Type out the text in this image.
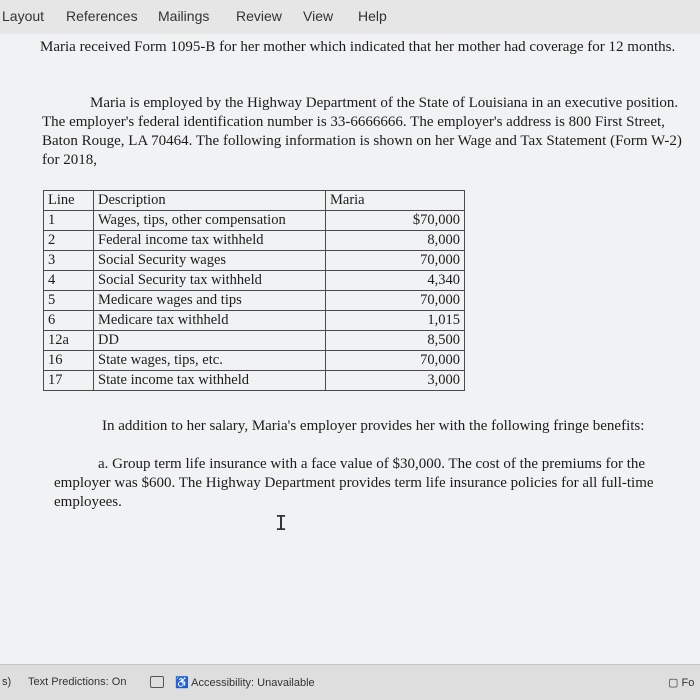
Layout References Mailings Review View Help

Maria received Form 1095-B for her mother which indicated that her mother had coverage for 12 months.

Maria is employed by the Highway Department of the State of Louisiana in an executive position. The employer's federal identification number is 33-6666666. The employer's address is 800 First Street, Baton Rouge, LA 70464. The following information is shown on her Wage and Tax Statement (Form W-2) for 2018,

Line	Description	Maria
1	Wages, tips, other compensation	$70,000
2	Federal income tax withheld	8,000
3	Social Security wages	70,000
4	Social Security tax withheld	4,340
5	Medicare wages and tips	70,000
6	Medicare tax withheld	1,015
12a	DD	8,500
16	State wages, tips, etc.	70,000
17	State income tax withheld	3,000

In addition to her salary, Maria's employer provides her with the following fringe benefits:

a. Group term life insurance with a face value of $30,000. The cost of the premiums for the employer was $600. The Highway Department provides term life insurance policies for all full-time employees.

I
s) Text Predictions: On	♿ Accessibility: Unavailable	▢ Fo
